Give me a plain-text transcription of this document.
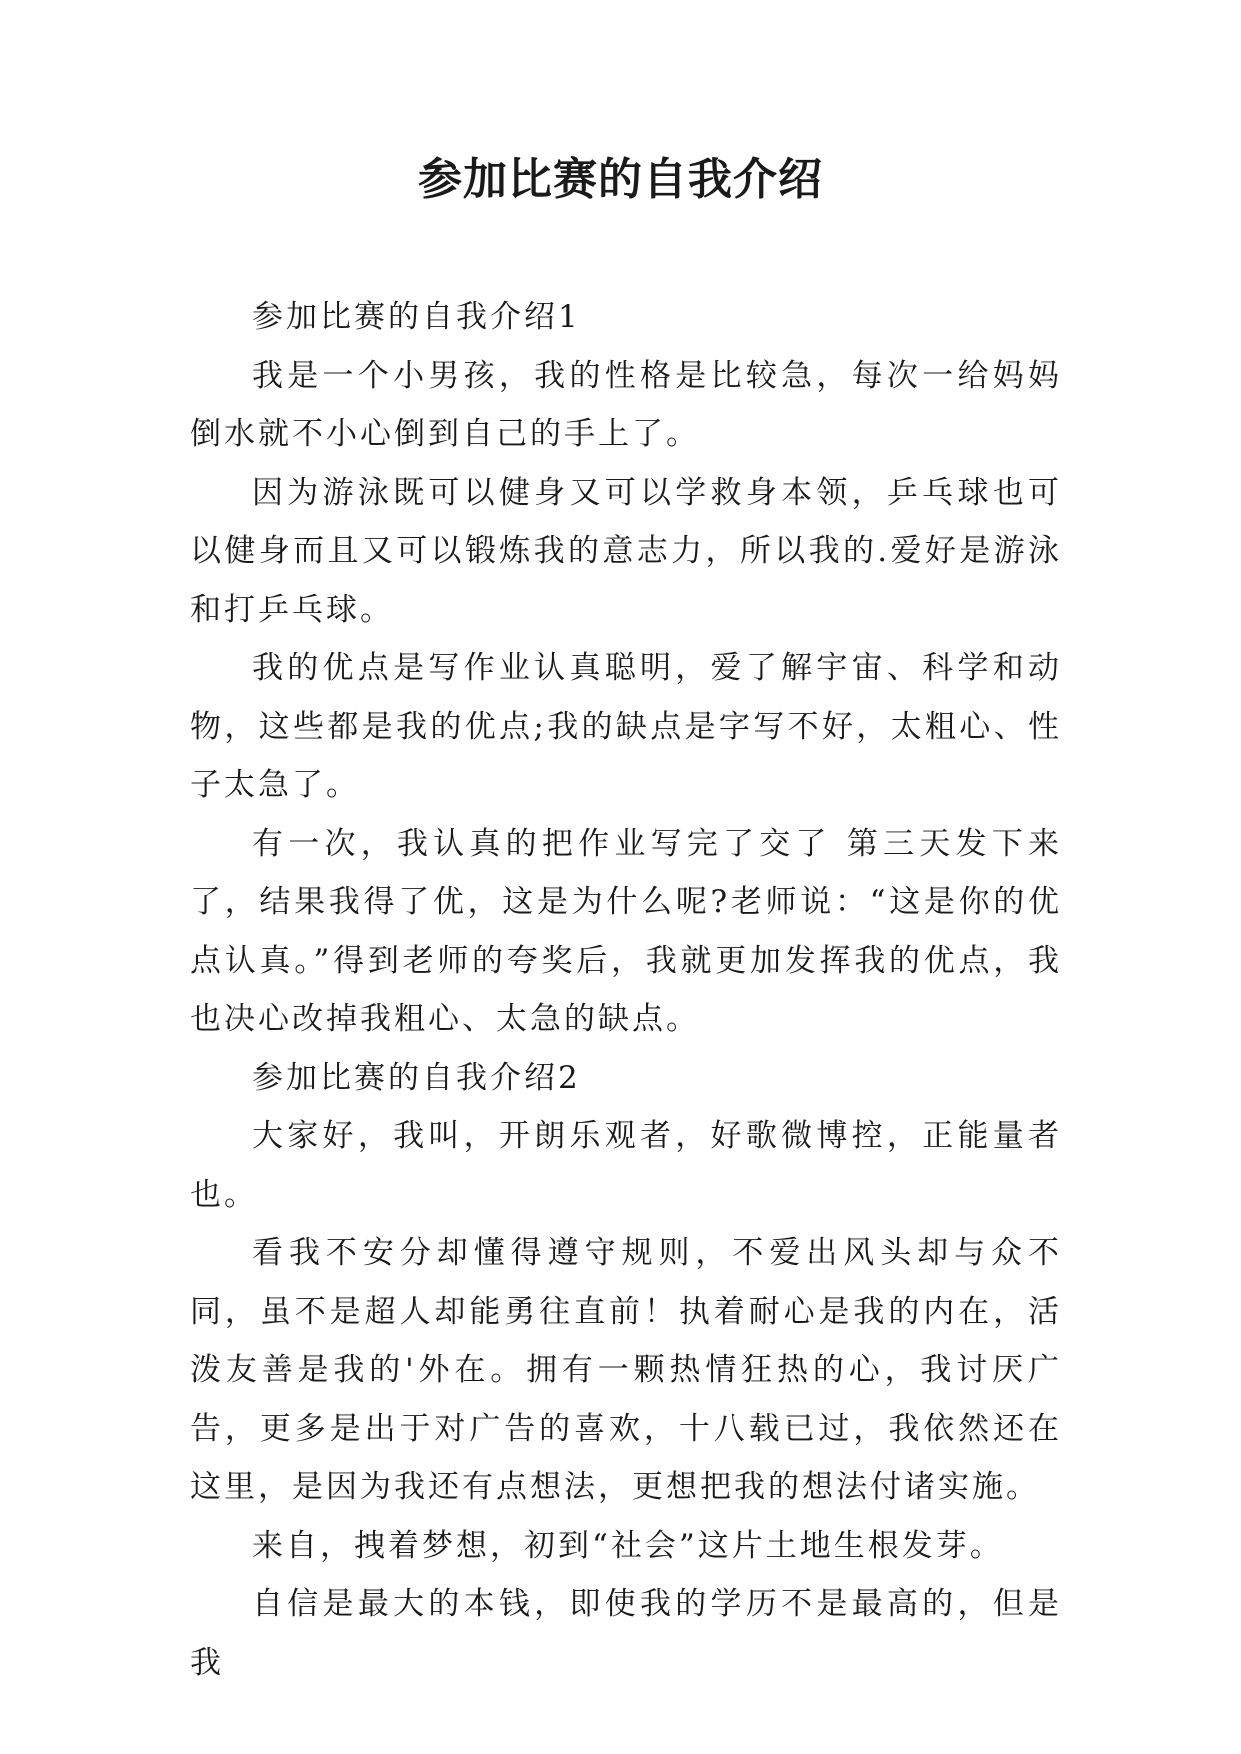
参加比赛的自我介绍

参加比赛的自我介绍1

我是一个小男孩，我的性格是比较急，每次一给妈妈倒水就不小心倒到自己的手上了。

因为游泳既可以健身又可以学救身本领，乒乓球也可以健身而且又可以锻炼我的意志力，所以我的.爱好是游泳和打乒乓球。

我的优点是写作业认真聪明，爱了解宇宙、科学和动物，这些都是我的优点;我的缺点是字写不好，太粗心、性子太急了。

有一次，我认真的把作业写完了交了 第三天发下来了，结果我得了优，这是为什么呢?老师说：“这是你的优点认真。”得到老师的夸奖后，我就更加发挥我的优点，我也决心改掉我粗心、太急的缺点。

参加比赛的自我介绍2

大家好，我叫，开朗乐观者，好歌微博控，正能量者也。

看我不安分却懂得遵守规则，不爱出风头却与众不同，虽不是超人却能勇往直前！执着耐心是我的内在，活泼友善是我的'外在。拥有一颗热情狂热的心，我讨厌广告，更多是出于对广告的喜欢，十八载已过，我依然还在这里，是因为我还有点想法，更想把我的想法付诸实施。

来自，拽着梦想，初到“社会”这片土地生根发芽。

自信是最大的本钱，即使我的学历不是最高的，但是我
